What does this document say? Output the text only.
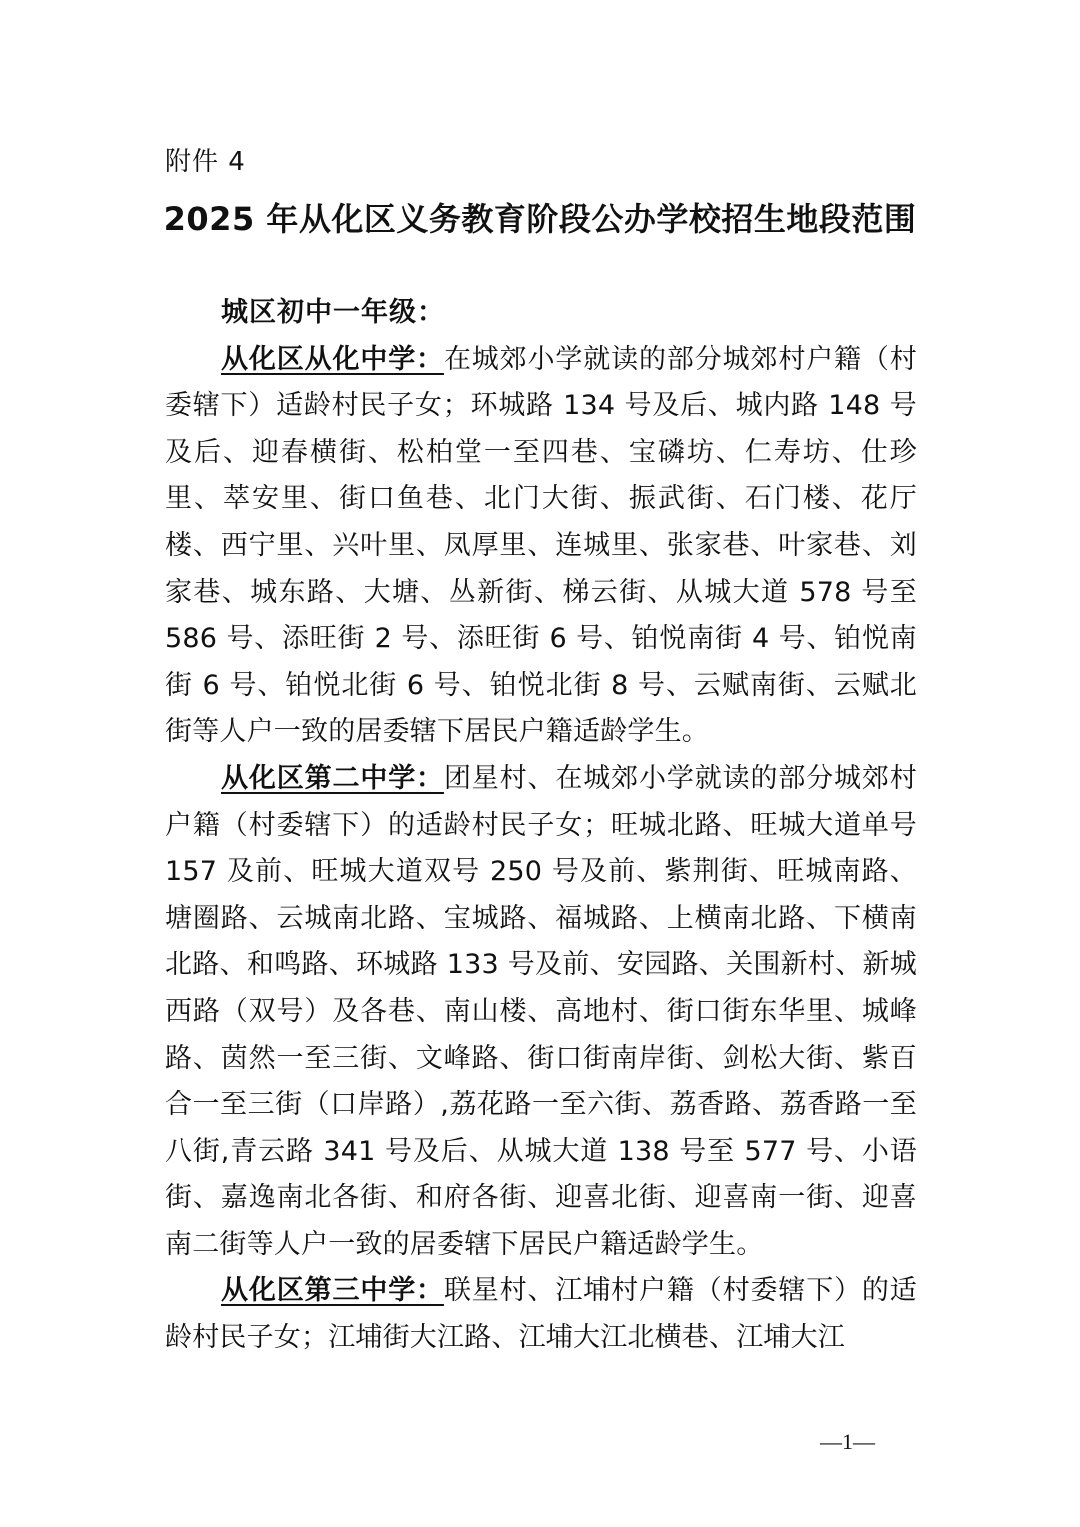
附件 4
2025 年从化区义务教育阶段公办学校招生地段范围

城区初中一年级：

从化区从化中学：在城郊小学就读的部分城郊村户籍（村委辖下）适龄村民子女；环城路 134 号及后、城内路 148 号及后、迎春横街、松柏堂一至四巷、宝磷坊、仁寿坊、仕珍里、萃安里、街口鱼巷、北门大街、振武街、石门楼、花厅楼、西宁里、兴叶里、凤厚里、连城里、张家巷、叶家巷、刘家巷、城东路、大塘、丛新街、梯云街、从城大道 578 号至 586 号、添旺街 2 号、添旺街 6 号、铂悦南街 4 号、铂悦南街 6 号、铂悦北街 6 号、铂悦北街 8 号、云赋南街、云赋北街等人户一致的居委辖下居民户籍适龄学生。

从化区第二中学：团星村、在城郊小学就读的部分城郊村户籍（村委辖下）的适龄村民子女；旺城北路、旺城大道单号 157 及前、旺城大道双号 250 号及前、紫荆街、旺城南路、塘圈路、云城南北路、宝城路、福城路、上横南北路、下横南北路、和鸣路、环城路 133 号及前、安园路、关围新村、新城西路（双号）及各巷、南山楼、高地村、街口街东华里、城峰路、茵然一至三街、文峰路、街口街南岸街、剑松大街、紫百合一至三街（口岸路）,荔花路一至六街、荔香路、荔香路一至八街,青云路 341 号及后、从城大道 138 号至 577 号、小语街、嘉逸南北各街、和府各街、迎喜北街、迎喜南一街、迎喜南二街等人户一致的居委辖下居民户籍适龄学生。

从化区第三中学：联星村、江埔村户籍（村委辖下）的适龄村民子女；江埔街大江路、江埔大江北横巷、江埔大江

—1—
